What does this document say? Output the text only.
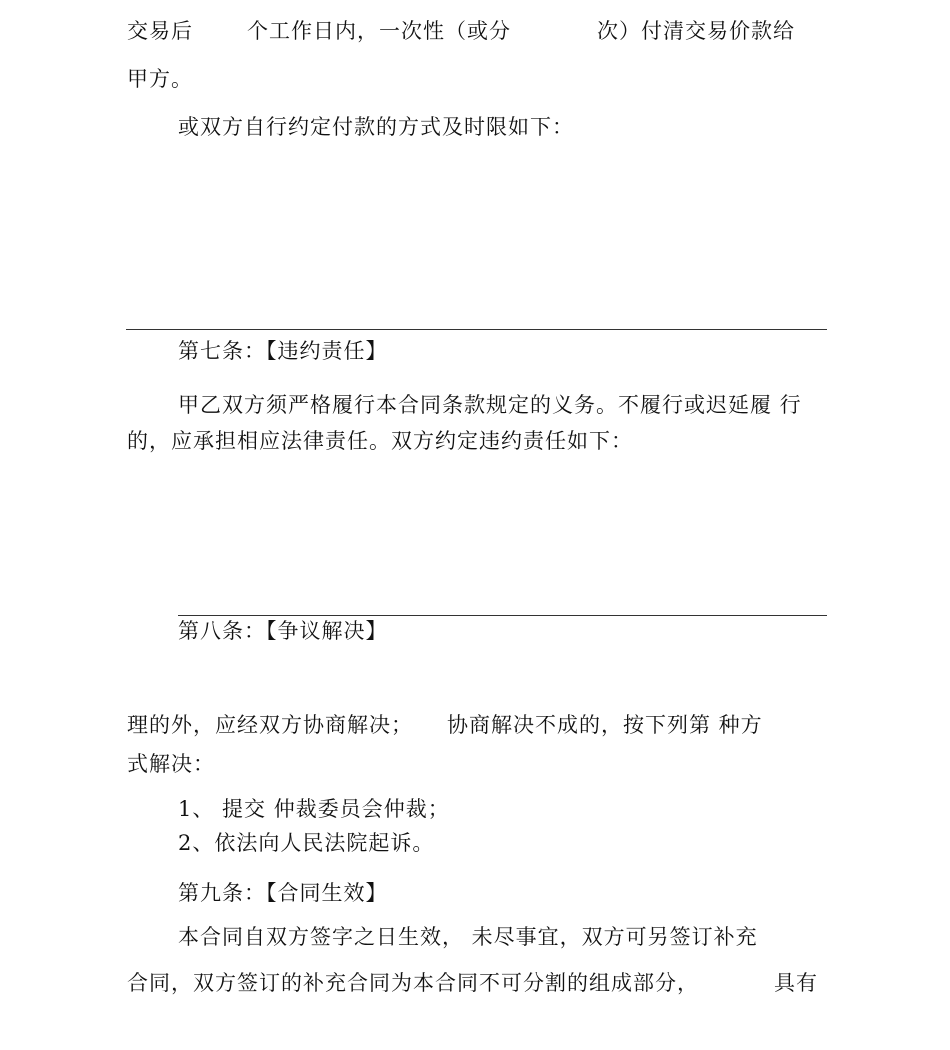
交易后	个工作日内，一次性（或分	次）付清交易价款给
甲方。
或双方自行约定付款的方式及时限如下：
第七条：【违约责任】
甲乙双方须严格履行本合同条款规定的义务。不履行或迟延履 行
的，应承担相应法律责任。双方约定违约责任如下：
第八条：【争议解决】
理的外，应经双方协商解决； 协商解决不成的，按下列第 种方
式解决：
1、 提交 仲裁委员会仲裁；
2、依法向人民法院起诉。
第九条：【合同生效】
本合同自双方签字之日生效， 未尽事宜，双方可另签订补充
合同，双方签订的补充合同为本合同不可分割的组成部分，	具有
